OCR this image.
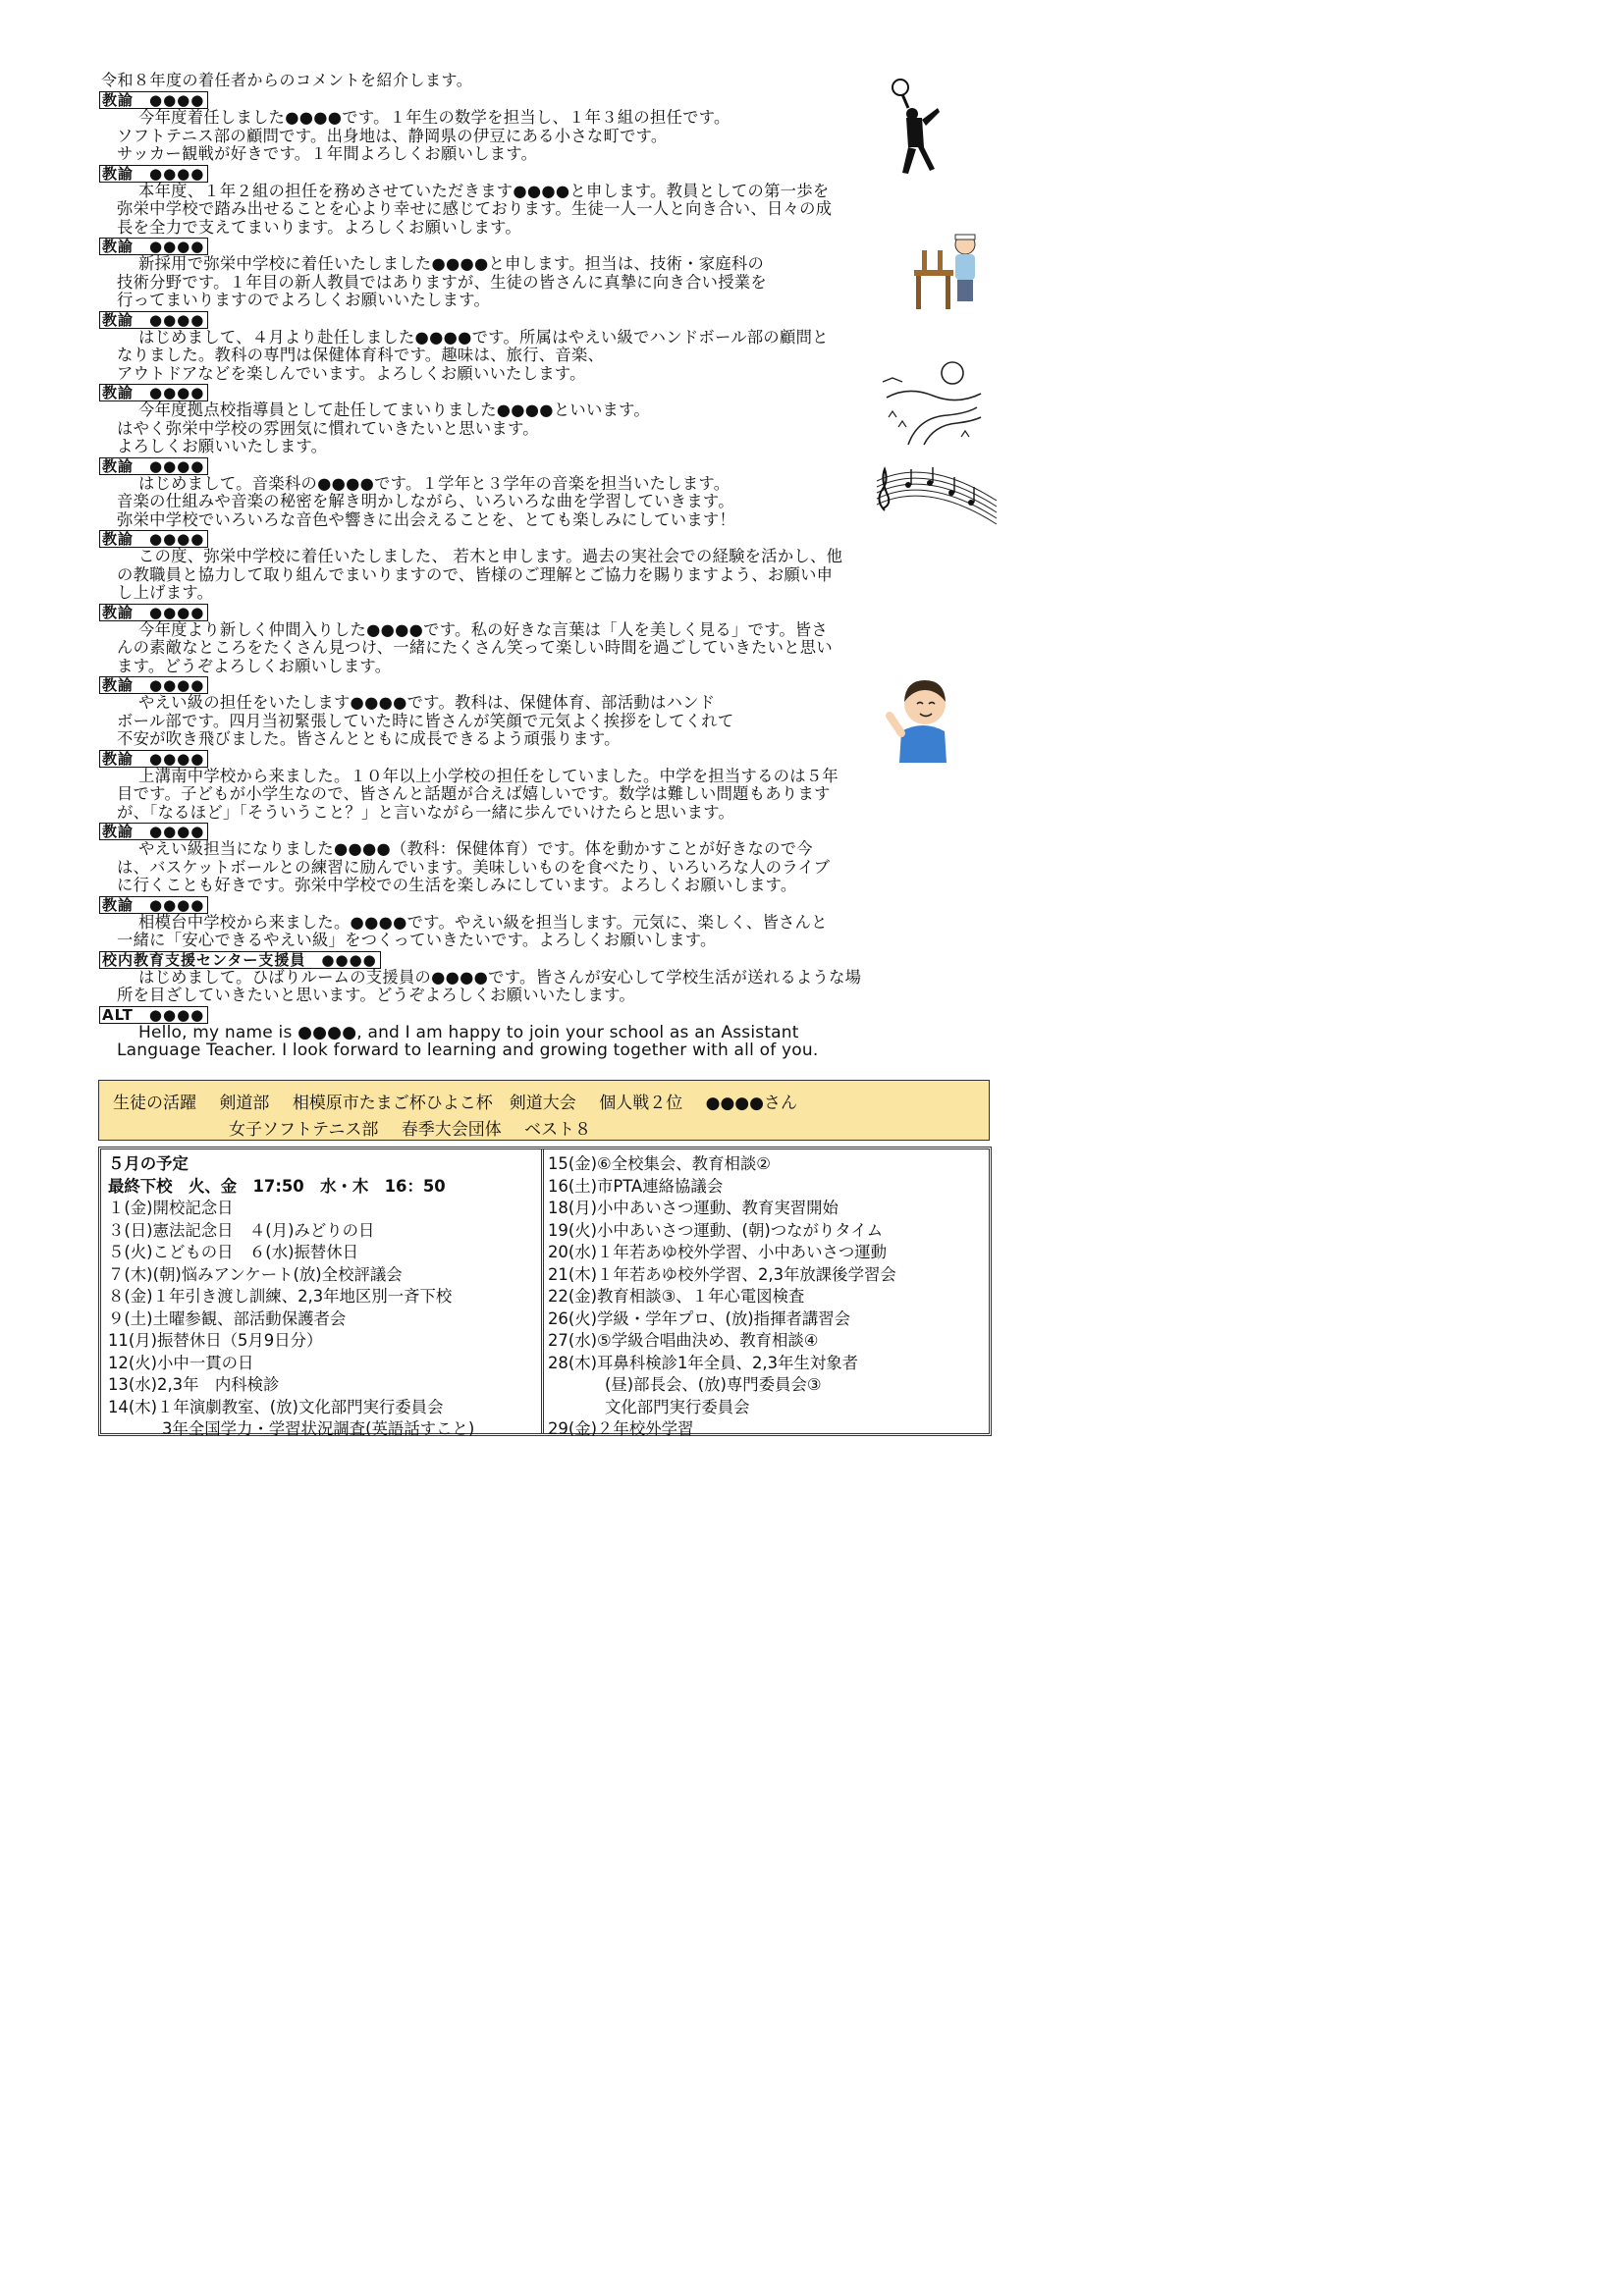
令和８年度の着任者からのコメントを紹介します。
教諭　●●●●
今年度着任しました●●●●です。１年生の数学を担当し、１年３組の担任です。
ソフトテニス部の顧問です。出身地は、静岡県の伊豆にある小さな町です。
サッカー観戦が好きです。１年間よろしくお願いします。
教諭　●●●●
本年度、１年２組の担任を務めさせていただきます●●●●と申します。教員としての第一歩を
弥栄中学校で踏み出せることを心より幸せに感じております。生徒一人一人と向き合い、日々の成
長を全力で支えてまいります。よろしくお願いします。
教諭　●●●●
新採用で弥栄中学校に着任いたしました●●●●と申します。担当は、技術・家庭科の
技術分野です。１年目の新人教員ではありますが、生徒の皆さんに真摯に向き合い授業を
行ってまいりますのでよろしくお願いいたします。
教諭　●●●●
はじめまして、４月より赴任しました●●●●です。所属はやえい級でハンドボール部の顧問と
なりました。教科の専門は保健体育科です。趣味は、旅行、音楽、
アウトドアなどを楽しんでいます。よろしくお願いいたします。
教諭　●●●●
今年度拠点校指導員として赴任してまいりました●●●●といいます。
はやく弥栄中学校の雰囲気に慣れていきたいと思います。
よろしくお願いいたします。
教諭　●●●●
はじめまして。音楽科の●●●●です。１学年と３学年の音楽を担当いたします。
音楽の仕組みや音楽の秘密を解き明かしながら、いろいろな曲を学習していきます。
弥栄中学校でいろいろな音色や響きに出会えることを、とても楽しみにしています！
教諭　●●●●
この度、弥栄中学校に着任いたしました、 若木と申します。過去の実社会での経験を活かし、他
の教職員と協力して取り組んでまいりますので、皆様のご理解とご協力を賜りますよう、お願い申
し上げます。
教諭　●●●●
今年度より新しく仲間入りした●●●●です。私の好きな言葉は「人を美しく見る」です。皆さ
んの素敵なところをたくさん見つけ、一緒にたくさん笑って楽しい時間を過ごしていきたいと思い
ます。どうぞよろしくお願いします。
教諭　●●●●
やえい級の担任をいたします●●●●です。教科は、保健体育、部活動はハンド
ボール部です。四月当初緊張していた時に皆さんが笑顔で元気よく挨拶をしてくれて
不安が吹き飛びました。皆さんとともに成長できるよう頑張ります。
教諭　●●●●
上溝南中学校から来ました。１０年以上小学校の担任をしていました。中学を担当するのは５年
目です。子どもが小学生なので、皆さんと話題が合えば嬉しいです。数学は難しい問題もあります
が、「なるほど」「そういうこと？」と言いながら一緒に歩んでいけたらと思います。
教諭　●●●●
やえい級担当になりました●●●●（教科：保健体育）です。体を動かすことが好きなので今
は、バスケットボールとの練習に励んでいます。美味しいものを食べたり、いろいろな人のライブ
に行くことも好きです。弥栄中学校での生活を楽しみにしています。よろしくお願いします。
教諭　●●●●
相模台中学校から来ました。●●●●です。やえい級を担当します。元気に、楽しく、皆さんと
一緒に「安心できるやえい級」をつくっていきたいです。よろしくお願いします。
校内教育支援センター支援員　●●●●
はじめまして。ひばりルームの支援員の●●●●です。皆さんが安心して学校生活が送れるような場
所を目ざしていきたいと思います。どうぞよろしくお願いいたします。
ALT　●●●●
Hello, my name is ●●●●, and I am happy to join your school as an Assistant
Language Teacher. I look forward to learning and growing together with all of you.
生徒の活躍 剣道部 相模原市たまご杯ひよこ杯　剣道大会 個人戦２位 ●●●●さん
女子ソフトテニス部 春季大会団体 ベスト８
５月の予定
最終下校　火、金　17:50　水・木　16：50
１(金)開校記念日
３(日)憲法記念日　４(月)みどりの日
５(火)こどもの日　６(水)振替休日
７(木)(朝)悩みアンケート(放)全校評議会
８(金)１年引き渡し訓練、2,3年地区別一斉下校
９(土)土曜参観、部活動保護者会
11(月)振替休日（5月9日分）
12(火)小中一貫の日
13(水)2,3年　内科検診
14(木)１年演劇教室、(放)文化部門実行委員会
3年全国学力・学習状況調査(英語話すこと)
15(金)⑥全校集会、教育相談②
16(土)市PTA連絡協議会
18(月)小中あいさつ運動、教育実習開始
19(火)小中あいさつ運動、(朝)つながりタイム
20(水)１年若あゆ校外学習、小中あいさつ運動
21(木)１年若あゆ校外学習、2,3年放課後学習会
22(金)教育相談③、１年心電図検査
26(火)学級・学年プロ、(放)指揮者講習会
27(水)⑤学級合唱曲決め、教育相談④
28(木)耳鼻科検診1年全員、2,3年生対象者
(昼)部長会、(放)専門委員会③
文化部門実行委員会
29(金)２年校外学習
